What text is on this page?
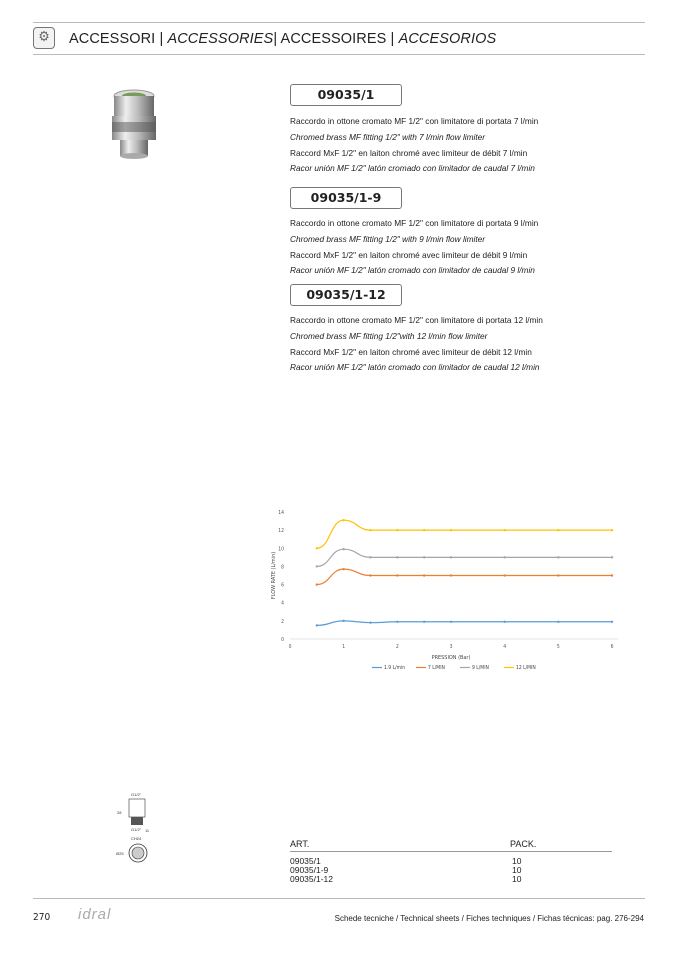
⚙	ACCESSORI | ACCESSORIES| ACCESSOIRES | ACCESORIOS
09035/1
Raccordo in ottone cromato MF 1/2" con limitatore di portata 7 l/min
Chromed brass MF fitting 1/2" with 7 l/min flow limiter
Raccord MxF 1/2" en laiton chromé avec limiteur de débit 7 l/min
Racor unión MF 1/2" latón cromado con limitador de caudal 7 l/min
09035/1-9
Raccordo in ottone cromato MF 1/2" con limitatore di portata 9 l/min
Chromed brass MF fitting 1/2" with 9 l/min flow limiter
Raccord MxF 1/2" en laiton chromé avec limiteur de débit 9 l/min
Racor unión MF 1/2" latón cromado con limitador de caudal 9 l/min
09035/1-12
Raccordo in ottone cromato MF 1/2" con limitatore di portata 12 l/min
Chromed brass MF fitting 1/2"with 12 l/min flow limiter
Raccord MxF 1/2" en laiton chromé avec limiteur de débit 12 l/min
Racor unión MF 1/2" latón cromado con limitador de caudal 12 l/min
0
2
4
6
8
10
12
14
0	1	2	3	4	5	6
PRESSION (Bar)
FLOW RATE (L/min)
1.9 L/min	7 L/MIN	9 L/MIN	12 L/MIN
G1/2"
28
G1/2" 11
CH24
Ø25
ART.	PACK.
09035/1	10
09035/1-9	10
09035/1-12	10
270 idral	Schede tecniche / Technical sheets / Fiches techniques / Fichas técnicas: pag. 276-294
